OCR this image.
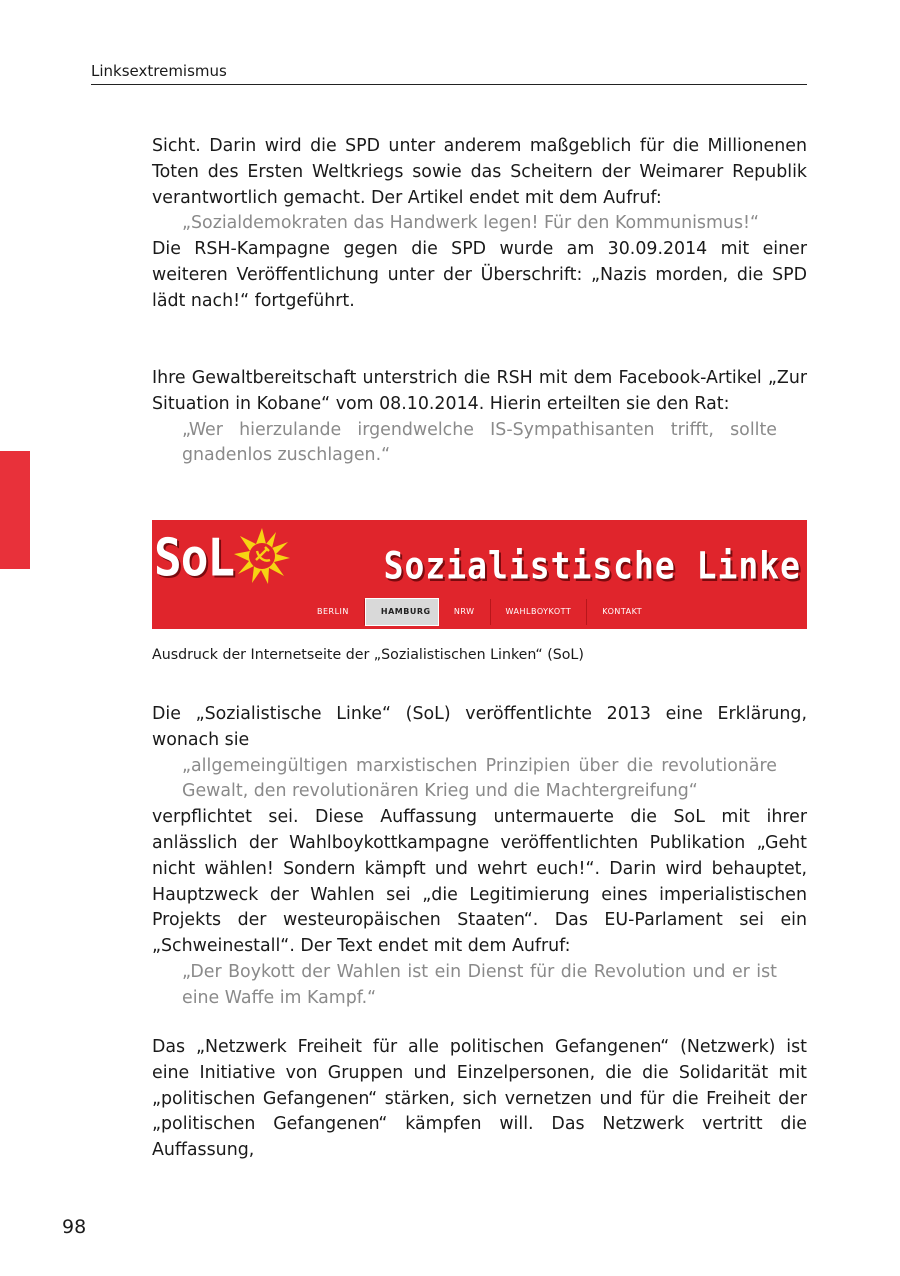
Linksextremismus

Sicht. Darin wird die SPD unter anderem maßgeblich für die Millionenen Toten des Ersten Weltkriegs sowie das Scheitern der Weimarer Republik verantwortlich gemacht. Der Artikel endet mit dem Aufruf:

„Sozialdemokraten das Handwerk legen! Für den Kommunismus!“

Die RSH-Kampagne gegen die SPD wurde am 30.09.2014 mit einer weiteren Veröffentlichung unter der Überschrift: „Nazis morden, die SPD lädt nach!“ fortgeführt.

Ihre Gewaltbereitschaft unterstrich die RSH mit dem Facebook-Artikel „Zur Situation in Kobane“ vom 08.10.2014. Hierin erteilten sie den Rat:

„Wer hierzulande irgendwelche IS-Sympathisanten trifft, sollte gnadenlos zuschlagen.“

SoL	Sozialistische Linke
BERLIN	HAMBURG	NRW	WAHLBOYKOTT	KONTAKT
Ausdruck der Internetseite der „Sozialistischen Linken“ (SoL)

Die „Sozialistische Linke“ (SoL) veröffentlichte 2013 eine Erklärung, wonach sie

„allgemeingültigen marxistischen Prinzipien über die revolutionäre Gewalt, den revolutionären Krieg und die Machtergreifung“

verpflichtet sei. Diese Auffassung untermauerte die SoL mit ihrer anlässlich der Wahlboykottkampagne veröffentlichten Publikation „Geht nicht wählen! Sondern kämpft und wehrt euch!“. Darin wird behauptet, Hauptzweck der Wahlen sei „die Legitimierung eines imperialistischen Projekts der westeuropäischen Staaten“. Das EU-Parlament sei ein „Schweinestall“. Der Text endet mit dem Aufruf:

„Der Boykott der Wahlen ist ein Dienst für die Revolution und er ist eine Waffe im Kampf.“

Das „Netzwerk Freiheit für alle politischen Gefangenen“ (Netzwerk) ist eine Initiative von Gruppen und Einzelpersonen, die die Solidarität mit „politischen Gefangenen“ stärken, sich vernetzen und für die Freiheit der „politischen Gefangenen“ kämpfen will. Das Netzwerk vertritt die Auffassung,

98
